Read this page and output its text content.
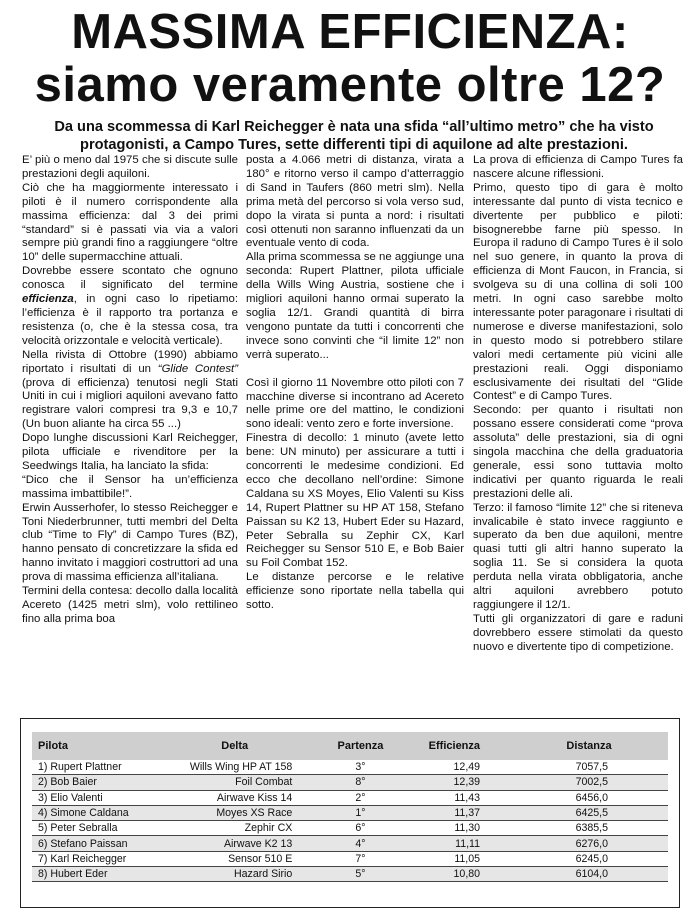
MASSIMA EFFICIENZA:
siamo veramente oltre 12?
Da una scommessa di Karl Reichegger è nata una sfida “all’ultimo metro” che ha visto protagonisti, a Campo Tures, sette differenti tipi di aquilone ad alte prestazioni.

E’ più o meno dal 1975 che si discute sulle prestazioni degli aquiloni.

Ciò che ha maggiormente interessato i piloti è il numero corrispondente alla massima efficienza: dal 3 dei primi “standard” si è passati via via a valori sempre più grandi fino a raggiungere “oltre 10” delle supermacchine attuali.

Dovrebbe essere scontato che ognuno conosca il significato del termine efficienza, in ogni caso lo ripetiamo: l’efficienza è il rapporto tra portanza e resistenza (o, che è la stessa cosa, tra velocità orizzontale e velocità verticale).

Nella rivista di Ottobre (1990) abbiamo riportato i risultati di un “Glide Contest” (prova di efficienza) tenutosi negli Stati Uniti in cui i migliori aquiloni avevano fatto registrare valori compresi tra 9,3 e 10,7 (Un buon aliante ha circa 55 ...)

Dopo lunghe discussioni Karl Reichegger, pilota ufficiale e rivenditore per la Seedwings Italia, ha lanciato la sfida:

“Dico che il Sensor ha un’efficienza massima imbattibile!”.

Erwin Ausserhofer, lo stesso Reichegger e Toni Niederbrunner, tutti membri del Delta club “Time to Fly” di Campo Tures (BZ), hanno pensato di concretizzare la sfida ed hanno invitato i maggiori costruttori ad una prova di massima efficienza all’italiana.

Termini della contesa: decollo dalla località Acereto (1425 metri slm), volo rettilineo fino alla prima boa

posta a 4.066 metri di distanza, virata a 180° e ritorno verso il campo d’atterraggio di Sand in Taufers (860 metri slm). Nella prima metà del percorso si vola verso sud, dopo la virata si punta a nord: i risultati così ottenuti non saranno influenzati da un eventuale vento di coda.

Alla prima scommessa se ne aggiunge una seconda: Rupert Plattner, pilota ufficiale della Wills Wing Austria, sostiene che i migliori aquiloni hanno ormai superato la soglia 12/1. Grandi quantità di birra vengono puntate da tutti i concorrenti che invece sono convinti che “il limite 12” non verrà superato...

Così il giorno 11 Novembre otto piloti con 7 macchine diverse si incontrano ad Acereto nelle prime ore del mattino, le condizioni sono ideali: vento zero e forte inversione.

Finestra di decollo: 1 minuto (avete letto bene: UN minuto) per assicurare a tutti i concorrenti le medesime condizioni. Ed ecco che decollano nell’ordine: Simone Caldana su XS Moyes, Elio Valenti su Kiss 14, Rupert Plattner su HP AT 158, Stefano Paissan su K2 13, Hubert Eder su Hazard, Peter Sebralla su Zephir CX, Karl Reichegger su Sensor 510 E, e Bob Baier su Foil Combat 152.

Le distanze percorse e le relative efficienze sono riportate nella tabella qui sotto.

La prova di efficienza di Campo Tures fa nascere alcune riflessioni.

Primo, questo tipo di gara è molto interessante dal punto di vista tecnico e divertente per pubblico e piloti: bisognerebbe farne più spesso. In Europa il raduno di Campo Tures è il solo nel suo genere, in quanto la prova di efficienza di Mont Faucon, in Francia, si svolgeva su di una collina di soli 100 metri. In ogni caso sarebbe molto interessante poter paragonare i risultati di numerose e diverse manifestazioni, solo in questo modo si potrebbero stilare valori medi certamente più vicini alle prestazioni reali. Oggi disponiamo esclusivamente dei risultati del “Glide Contest” e di Campo Tures.

Secondo: per quanto i risultati non possano essere considerati come “prova assoluta” delle prestazioni, sia di ogni singola macchina che della graduatoria generale, essi sono tuttavia molto indicativi per quanto riguarda le reali prestazioni delle ali.

Terzo: il famoso “limite 12” che si riteneva invalicabile è stato invece raggiunto e superato da ben due aquiloni, mentre quasi tutti gli altri hanno superato la soglia 11. Se si considera la quota perduta nella virata obbligatoria, anche altri aquiloni avrebbero potuto raggiungere il 12/1.

Tutti gli organizzatori di gare e raduni dovrebbero essere stimolati da questo nuovo e divertente tipo di competizione.

Pilota	Delta	Partenza	Efficienza	Distanza
1) Rupert Plattner	Wills Wing HP AT 158	3°	12,49	7057,5
2) Bob Baier	Foil Combat	8°	12,39	7002,5
3) Elio Valenti	Airwave Kiss 14	2°	11,43	6456,0
4) Simone Caldana	Moyes XS Race	1°	11,37	6425,5
5) Peter Sebralla	Zephir CX	6°	11,30	6385,5
6) Stefano Paissan	Airwave K2 13	4°	11,11	6276,0
7) Karl Reichegger	Sensor 510 E	7°	11,05	6245,0
8) Hubert Eder	Hazard Sirio	5°	10,80	6104,0
